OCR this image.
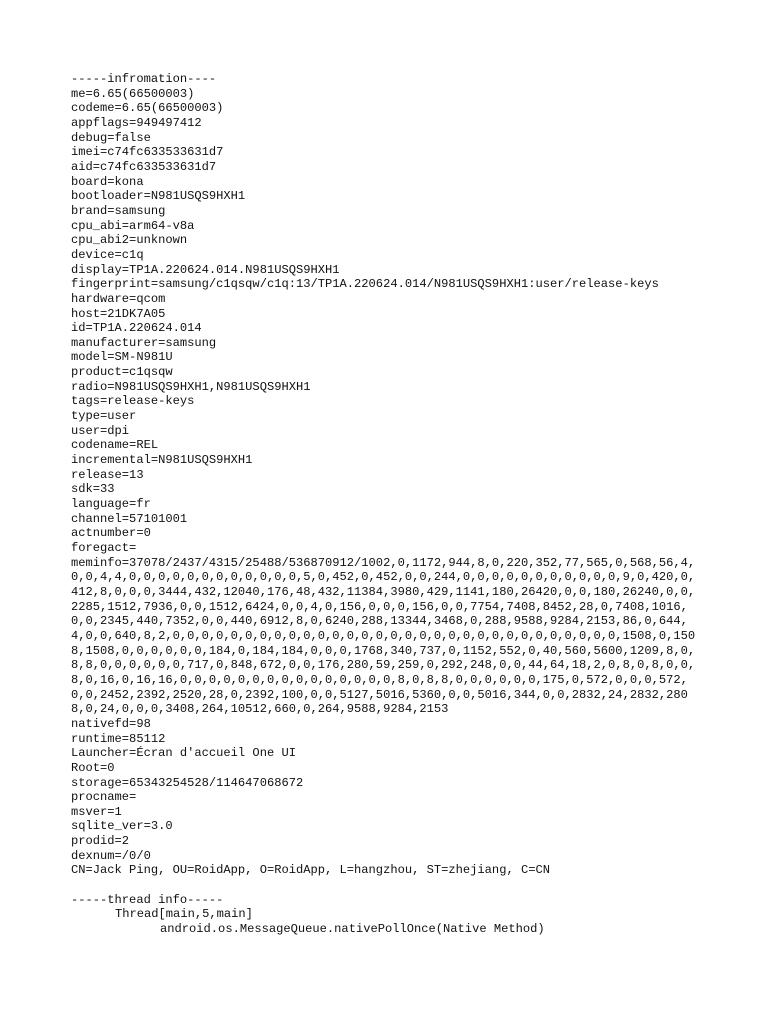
-----infromation----
me=6.65(66500003)
codeme=6.65(66500003)
appflags=949497412
debug=false
imei=c74fc633533631d7
aid=c74fc633533631d7
board=kona
bootloader=N981USQS9HXH1
brand=samsung
cpu_abi=arm64-v8a
cpu_abi2=unknown
device=c1q
display=TP1A.220624.014.N981USQS9HXH1
fingerprint=samsung/c1qsqw/c1q:13/TP1A.220624.014/N981USQS9HXH1:user/release-keys
hardware=qcom
host=21DK7A05
id=TP1A.220624.014
manufacturer=samsung
model=SM-N981U
product=c1qsqw
radio=N981USQS9HXH1,N981USQS9HXH1
tags=release-keys
type=user
user=dpi
codename=REL
incremental=N981USQS9HXH1
release=13
sdk=33
language=fr
channel=57101001
actnumber=0
foregact=
meminfo=37078/2437/4315/25488/536870912/1002,0,1172,944,8,0,220,352,77,565,0,568,56,4,0,0,4,4,0,0,0,0,0,0,0,0,0,0,0,0,5,0,452,0,452,0,0,244,0,0,0,0,0,0,0,0,0,0,0,9,0,420,0,412,8,0,0,0,3444,432,12040,176,48,432,11384,3980,429,1141,180,26420,0,0,180,26240,0,0,2285,1512,7936,0,0,1512,6424,0,0,4,0,156,0,0,0,156,0,0,7754,7408,8452,28,0,7408,1016,0,0,2345,440,7352,0,0,440,6912,8,0,6240,288,13344,3468,0,288,9588,9284,2153,86,0,644,4,0,0,640,8,2,0,0,0,0,0,0,0,0,0,0,0,0,0,0,0,0,0,0,0,0,0,0,0,0,0,0,0,0,0,0,0,1508,0,1508,1508,0,0,0,0,0,0,184,0,184,184,0,0,0,1768,340,737,0,1152,552,0,40,560,5600,1209,8,0,8,8,0,0,0,0,0,0,717,0,848,672,0,0,176,280,59,259,0,292,248,0,0,44,64,18,2,0,8,0,8,0,0,8,0,16,0,16,16,0,0,0,0,0,0,0,0,0,0,0,0,0,0,0,8,0,8,8,0,0,0,0,0,0,175,0,572,0,0,0,572,0,0,2452,2392,2520,28,0,2392,100,0,0,5127,5016,5360,0,0,5016,344,0,0,2832,24,2832,2808,0,24,0,0,0,3408,264,10512,660,0,264,9588,9284,2153
nativefd=98
runtime=85112
Launcher=Écran d'accueil One UI
Root=0
storage=65343254528/114647068672
procname=
msver=1
sqlite_ver=3.0
prodid=2
dexnum=/0/0
CN=Jack Ping, OU=RoidApp, O=RoidApp, L=hangzhou, ST=zhejiang, C=CN
-----thread info-----
Thread[main,5,main]
android.os.MessageQueue.nativePollOnce(Native Method)
